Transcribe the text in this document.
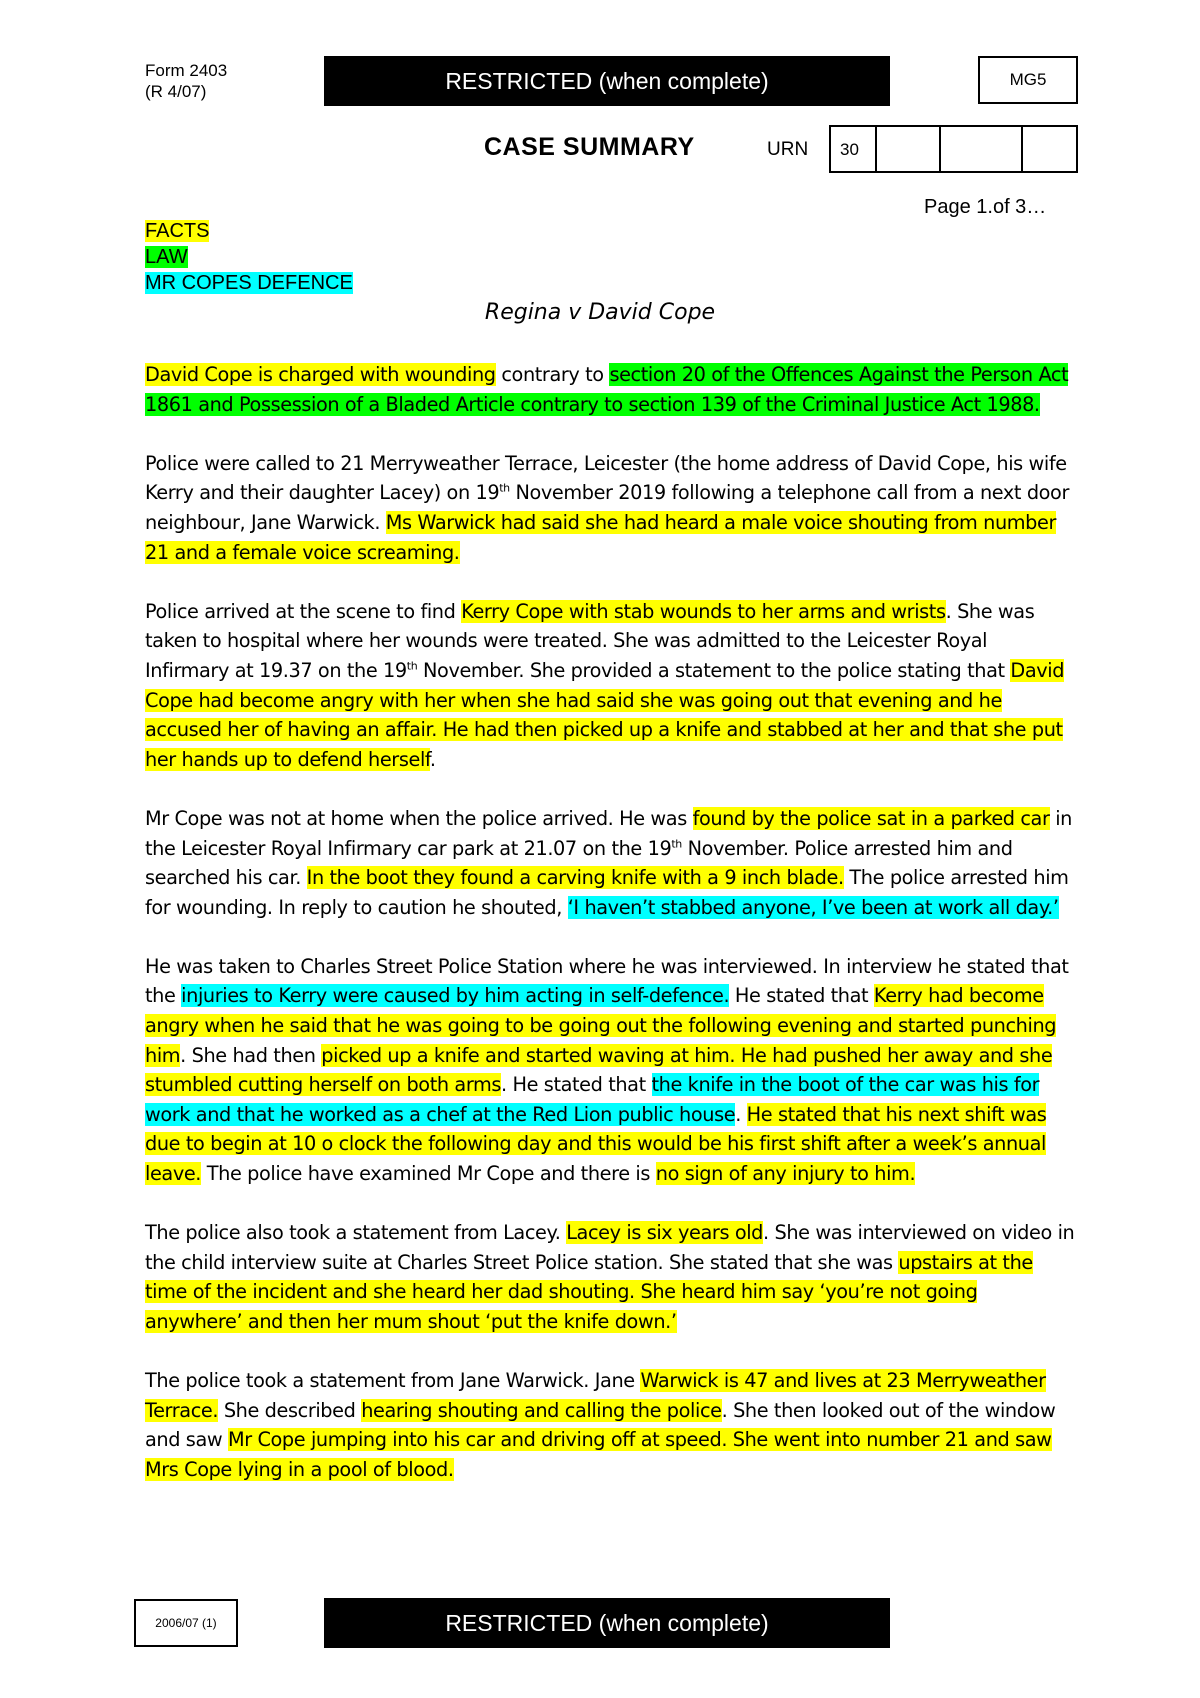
Form 2403
(R 4/07)	RESTRICTED (when complete)	MG5
CASE SUMMARY	URN	30
Page 1.of 3…
FACTS
LAW
MR COPES DEFENCE
Regina v David Cope

David Cope is charged with wounding contrary to section 20 of the Offences Against the Person Act 1861 and Possession of a Bladed Article contrary to section 139 of the Criminal Justice Act 1988.

Police were called to 21 Merryweather Terrace, Leicester (the home address of David Cope, his wife Kerry and their daughter Lacey) on 19th November 2019 following a telephone call from a next door neighbour, Jane Warwick. Ms Warwick had said she had heard a male voice shouting from number 21 and a female voice screaming.

Police arrived at the scene to find Kerry Cope with stab wounds to her arms and wrists. She was taken to hospital where her wounds were treated. She was admitted to the Leicester Royal Infirmary at 19.37 on the 19th November. She provided a statement to the police stating that David Cope had become angry with her when she had said she was going out that evening and he accused her of having an affair. He had then picked up a knife and stabbed at her and that she put her hands up to defend herself.

Mr Cope was not at home when the police arrived. He was found by the police sat in a parked car in the Leicester Royal Infirmary car park at 21.07 on the 19th November. Police arrested him and searched his car. In the boot they found a carving knife with a 9 inch blade. The police arrested him for wounding. In reply to caution he shouted, ‘I haven’t stabbed anyone, I’ve been at work all day.’

He was taken to Charles Street Police Station where he was interviewed. In interview he stated that the injuries to Kerry were caused by him acting in self-defence. He stated that Kerry had become angry when he said that he was going to be going out the following evening and started punching him. She had then picked up a knife and started waving at him. He had pushed her away and she stumbled cutting herself on both arms. He stated that the knife in the boot of the car was his for work and that he worked as a chef at the Red Lion public house. He stated that his next shift was due to begin at 10 o clock the following day and this would be his first shift after a week’s annual leave. The police have examined Mr Cope and there is no sign of any injury to him.

The police also took a statement from Lacey. Lacey is six years old. She was interviewed on video in the child interview suite at Charles Street Police station. She stated that she was upstairs at the time of the incident and she heard her dad shouting. She heard him say ‘you’re not going anywhere’ and then her mum shout ‘put the knife down.’

The police took a statement from Jane Warwick. Jane Warwick is 47 and lives at 23 Merryweather Terrace. She described hearing shouting and calling the police. She then looked out of the window and saw Mr Cope jumping into his car and driving off at speed. She went into number 21 and saw Mrs Cope lying in a pool of blood.

2006/07 (1)	RESTRICTED (when complete)
